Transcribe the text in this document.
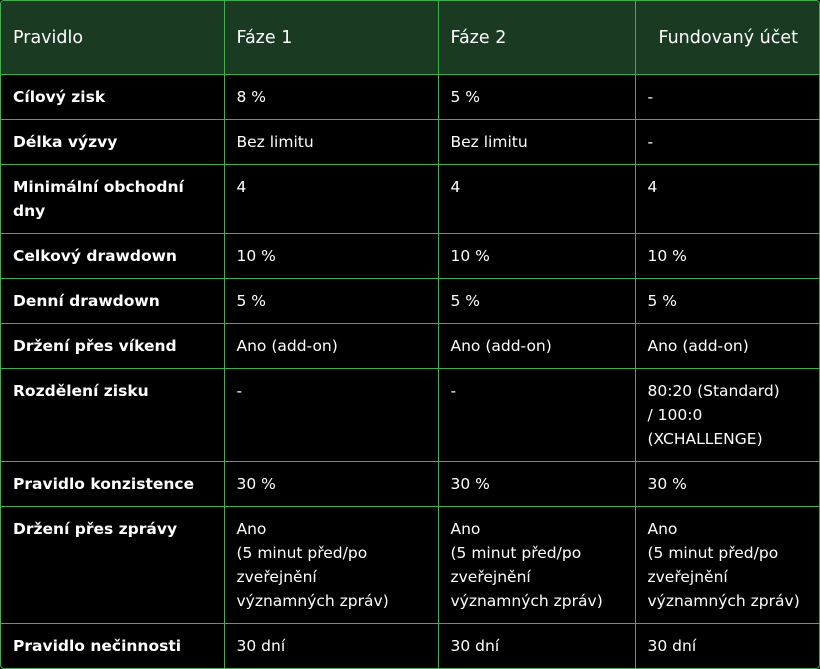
Pravidlo	Fáze 1	Fáze 2	Fundovaný účet
Cílový zisk	8 %	5 %	-

Délka výzvy	Bez limitu	Bez limitu	-

Minimální obchodní dny	4	4	4

Celkový drawdown	10 %	10 %	10 %

Denní drawdown	5 %	5 %	5 %

Držení přes víkend	Ano (add-on)	Ano (add-on)	Ano (add-on)

Rozdělení zisku	-	-	80:20 (Standard)
/ 100:0
(XCHALLENGE)

Pravidlo konzistence	30 %	30 %	30 %

Držení přes zprávy	Ano
(5 minut před/po
zveřejnění
významných zpráv)	Ano
(5 minut před/po
zveřejnění
významných zpráv)	Ano
(5 minut před/po
zveřejnění
významných zpráv)

Pravidlo nečinnosti	30 dní	30 dní	30 dní
